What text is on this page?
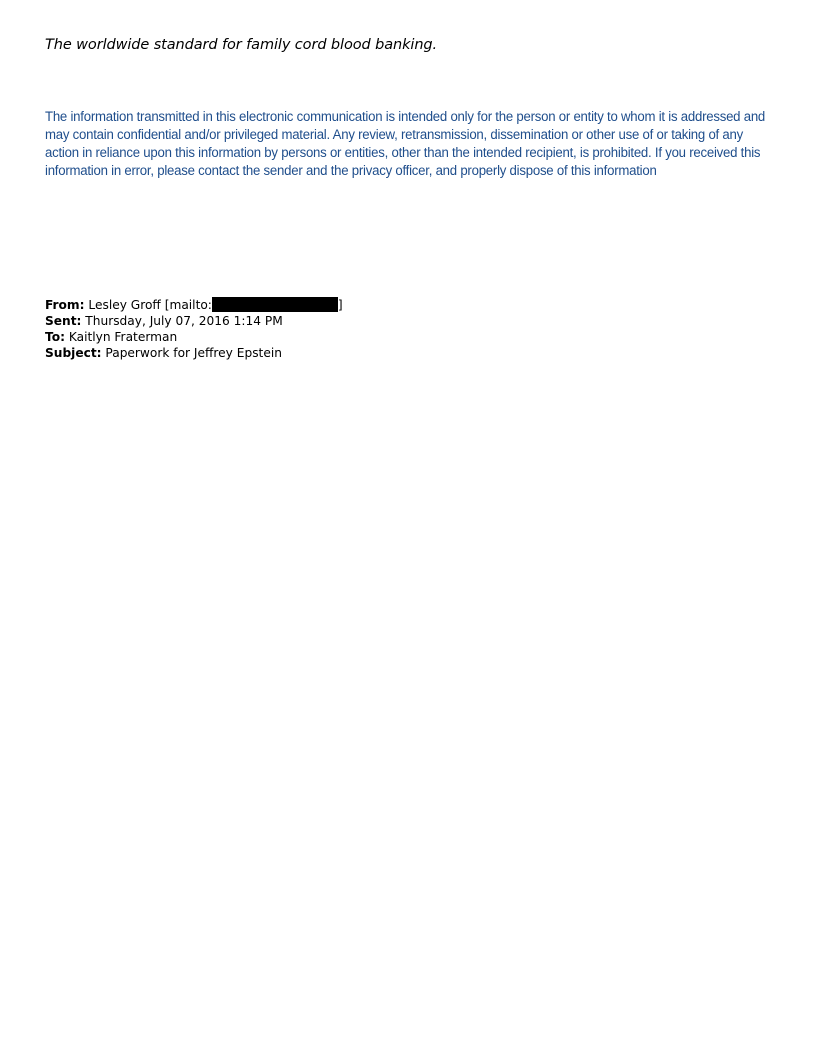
The worldwide standard for family cord blood banking.
The information transmitted in this electronic communication is intended only for the person or entity to whom it is addressed and may contain confidential and/or privileged material. Any review, retransmission, dissemination or other use of or taking of any action in reliance upon this information by persons or entities, other than the intended recipient, is prohibited. If you received this information in error, please contact the sender and the privacy officer, and properly dispose of this information
From: Lesley Groff [mailto:	]
Sent: Thursday, July 07, 2016 1:14 PM
To: Kaitlyn Fraterman
Subject: Paperwork for Jeffrey Epstein
